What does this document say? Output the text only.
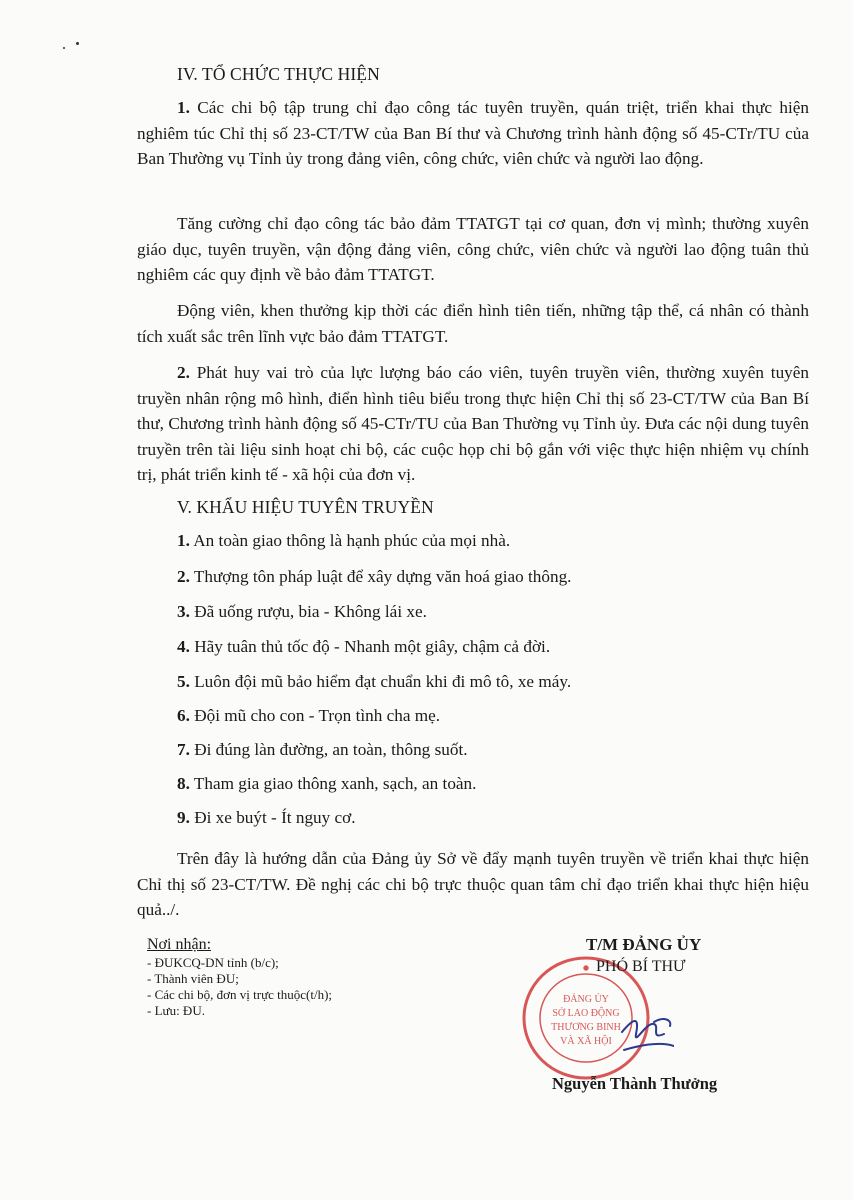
IV. TỔ CHỨC THỰC HIỆN

1. Các chi bộ tập trung chỉ đạo công tác tuyên truyền, quán triệt, triển khai thực hiện nghiêm túc Chỉ thị số 23-CT/TW của Ban Bí thư và Chương trình hành động số 45-CTr/TU của Ban Thường vụ Tỉnh ủy trong đảng viên, công chức, viên chức và người lao động.

Tăng cường chỉ đạo công tác bảo đảm TTATGT tại cơ quan, đơn vị mình; thường xuyên giáo dục, tuyên truyền, vận động đảng viên, công chức, viên chức và người lao động tuân thủ nghiêm các quy định về bảo đảm TTATGT.

Động viên, khen thưởng kịp thời các điển hình tiên tiến, những tập thể, cá nhân có thành tích xuất sắc trên lĩnh vực bảo đảm TTATGT.

2. Phát huy vai trò của lực lượng báo cáo viên, tuyên truyền viên, thường xuyên tuyên truyền nhân rộng mô hình, điển hình tiêu biểu trong thực hiện Chỉ thị số 23-CT/TW của Ban Bí thư, Chương trình hành động số 45-CTr/TU của Ban Thường vụ Tỉnh ủy. Đưa các nội dung tuyên truyền trên tài liệu sinh hoạt chi bộ, các cuộc họp chi bộ gắn với việc thực hiện nhiệm vụ chính trị, phát triển kinh tế - xã hội của đơn vị.

V. KHẨU HIỆU TUYÊN TRUYỀN

1. An toàn giao thông là hạnh phúc của mọi nhà.

2. Thượng tôn pháp luật để xây dựng văn hoá giao thông.

3. Đã uống rượu, bia - Không lái xe.

4. Hãy tuân thủ tốc độ - Nhanh một giây, chậm cả đời.

5. Luôn đội mũ bảo hiểm đạt chuẩn khi đi mô tô, xe máy.

6. Đội mũ cho con - Trọn tình cha mẹ.

7. Đi đúng làn đường, an toàn, thông suốt.

8. Tham gia giao thông xanh, sạch, an toàn.

9. Đi xe buýt - Ít nguy cơ.

Trên đây là hướng dẫn của Đảng ủy Sở về đẩy mạnh tuyên truyền về triển khai thực hiện Chỉ thị số 23-CT/TW. Đề nghị các chi bộ trực thuộc quan tâm chỉ đạo triển khai thực hiện hiệu quả../.

Nơi nhận:

- ĐUKCQ-DN tỉnh (b/c);
- Thành viên ĐU;
- Các chi bộ, đơn vị trực thuộc(t/h);
- Lưu: ĐU.
ĐẢNG ỦY
SỞ LAO ĐỘNG
THƯƠNG BINH
VÀ XÃ HỘI

T/M ĐẢNG ỦY

PHÓ BÍ THƯ

Nguyễn Thành Thưởng
